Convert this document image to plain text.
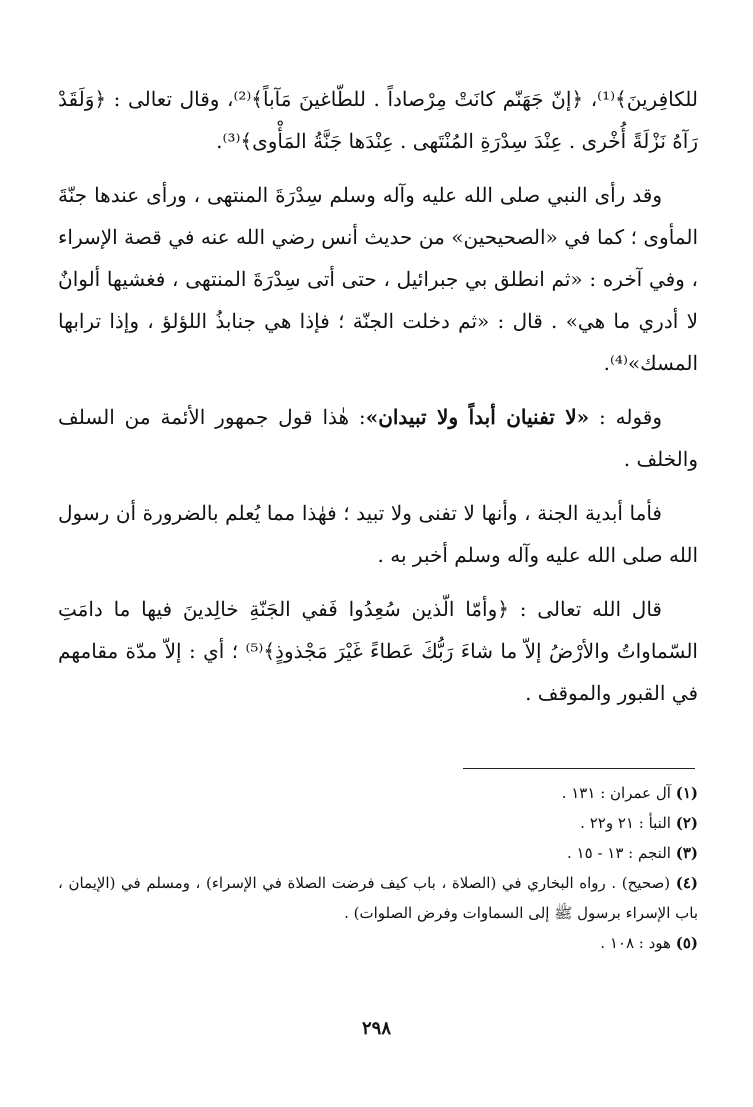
للكافِرينَ﴾⁽¹⁾، ﴿إنّ جَهَنّم كانَتْ مِرْصاداً . للطّاغينَ مَآباً﴾⁽²⁾، وقال تعالى : ﴿وَلَقَدْ رَآهُ نَزْلَةً أُخْرى . عِنْدَ سِدْرَةِ المُنْتَهى . عِنْدَها جَنَّةُ المَأْوى﴾⁽³⁾.

وقد رأى النبي صلى الله عليه وآله وسلم سِدْرَةَ المنتهى ، ورأى عندها جنّةَ المأوى ؛ كما في «الصحيحين» من حديث أنس رضي الله عنه في قصة الإسراء ، وفي آخره : «ثم انطلق بي جبرائيل ، حتى أتى سِدْرَةَ المنتهى ، فغشيها ألوانٌ لا أدري ما هي» . قال : «ثم دخلت الجنّة ؛ فإذا هي جنابذُ اللؤلؤ ، وإذا ترابها المسك»⁽⁴⁾.

وقوله : «لا تفنيان أبداً ولا تبيدان»: هٰذا قول جمهور الأئمة من السلف والخلف .

فأما أبدية الجنة ، وأنها لا تفنى ولا تبيد ؛ فهٰذا مما يُعلم بالضرورة أن رسول الله صلى الله عليه وآله وسلم أخبر به .

قال الله تعالى : ﴿وأمّا الّذين سُعِدُوا فَفي الجَنّةِ خالِدينَ فيها ما دامَتِ السّماواتُ والأرْضُ إلاّ ما شاءَ رَبُّكَ عَطاءً غَيْرَ مَجْذوذٍ﴾⁽⁵⁾ ؛ أي : إلاّ مدّة مقامهم في القبور والموقف .

(١) آل عمران : ١٣١ .

(٢) النبأ : ٢١ و٢٢ .

(٣) النجم : ١٣ - ١٥ .

(٤) (صحيح) . رواه البخاري في (الصلاة ، باب كيف فرضت الصلاة في الإسراء) ، ومسلم في (الإيمان ، باب الإسراء برسول ﷺ إلى السماوات وفرض الصلوات) .

(٥) هود : ١٠٨ .

٢٩٨
